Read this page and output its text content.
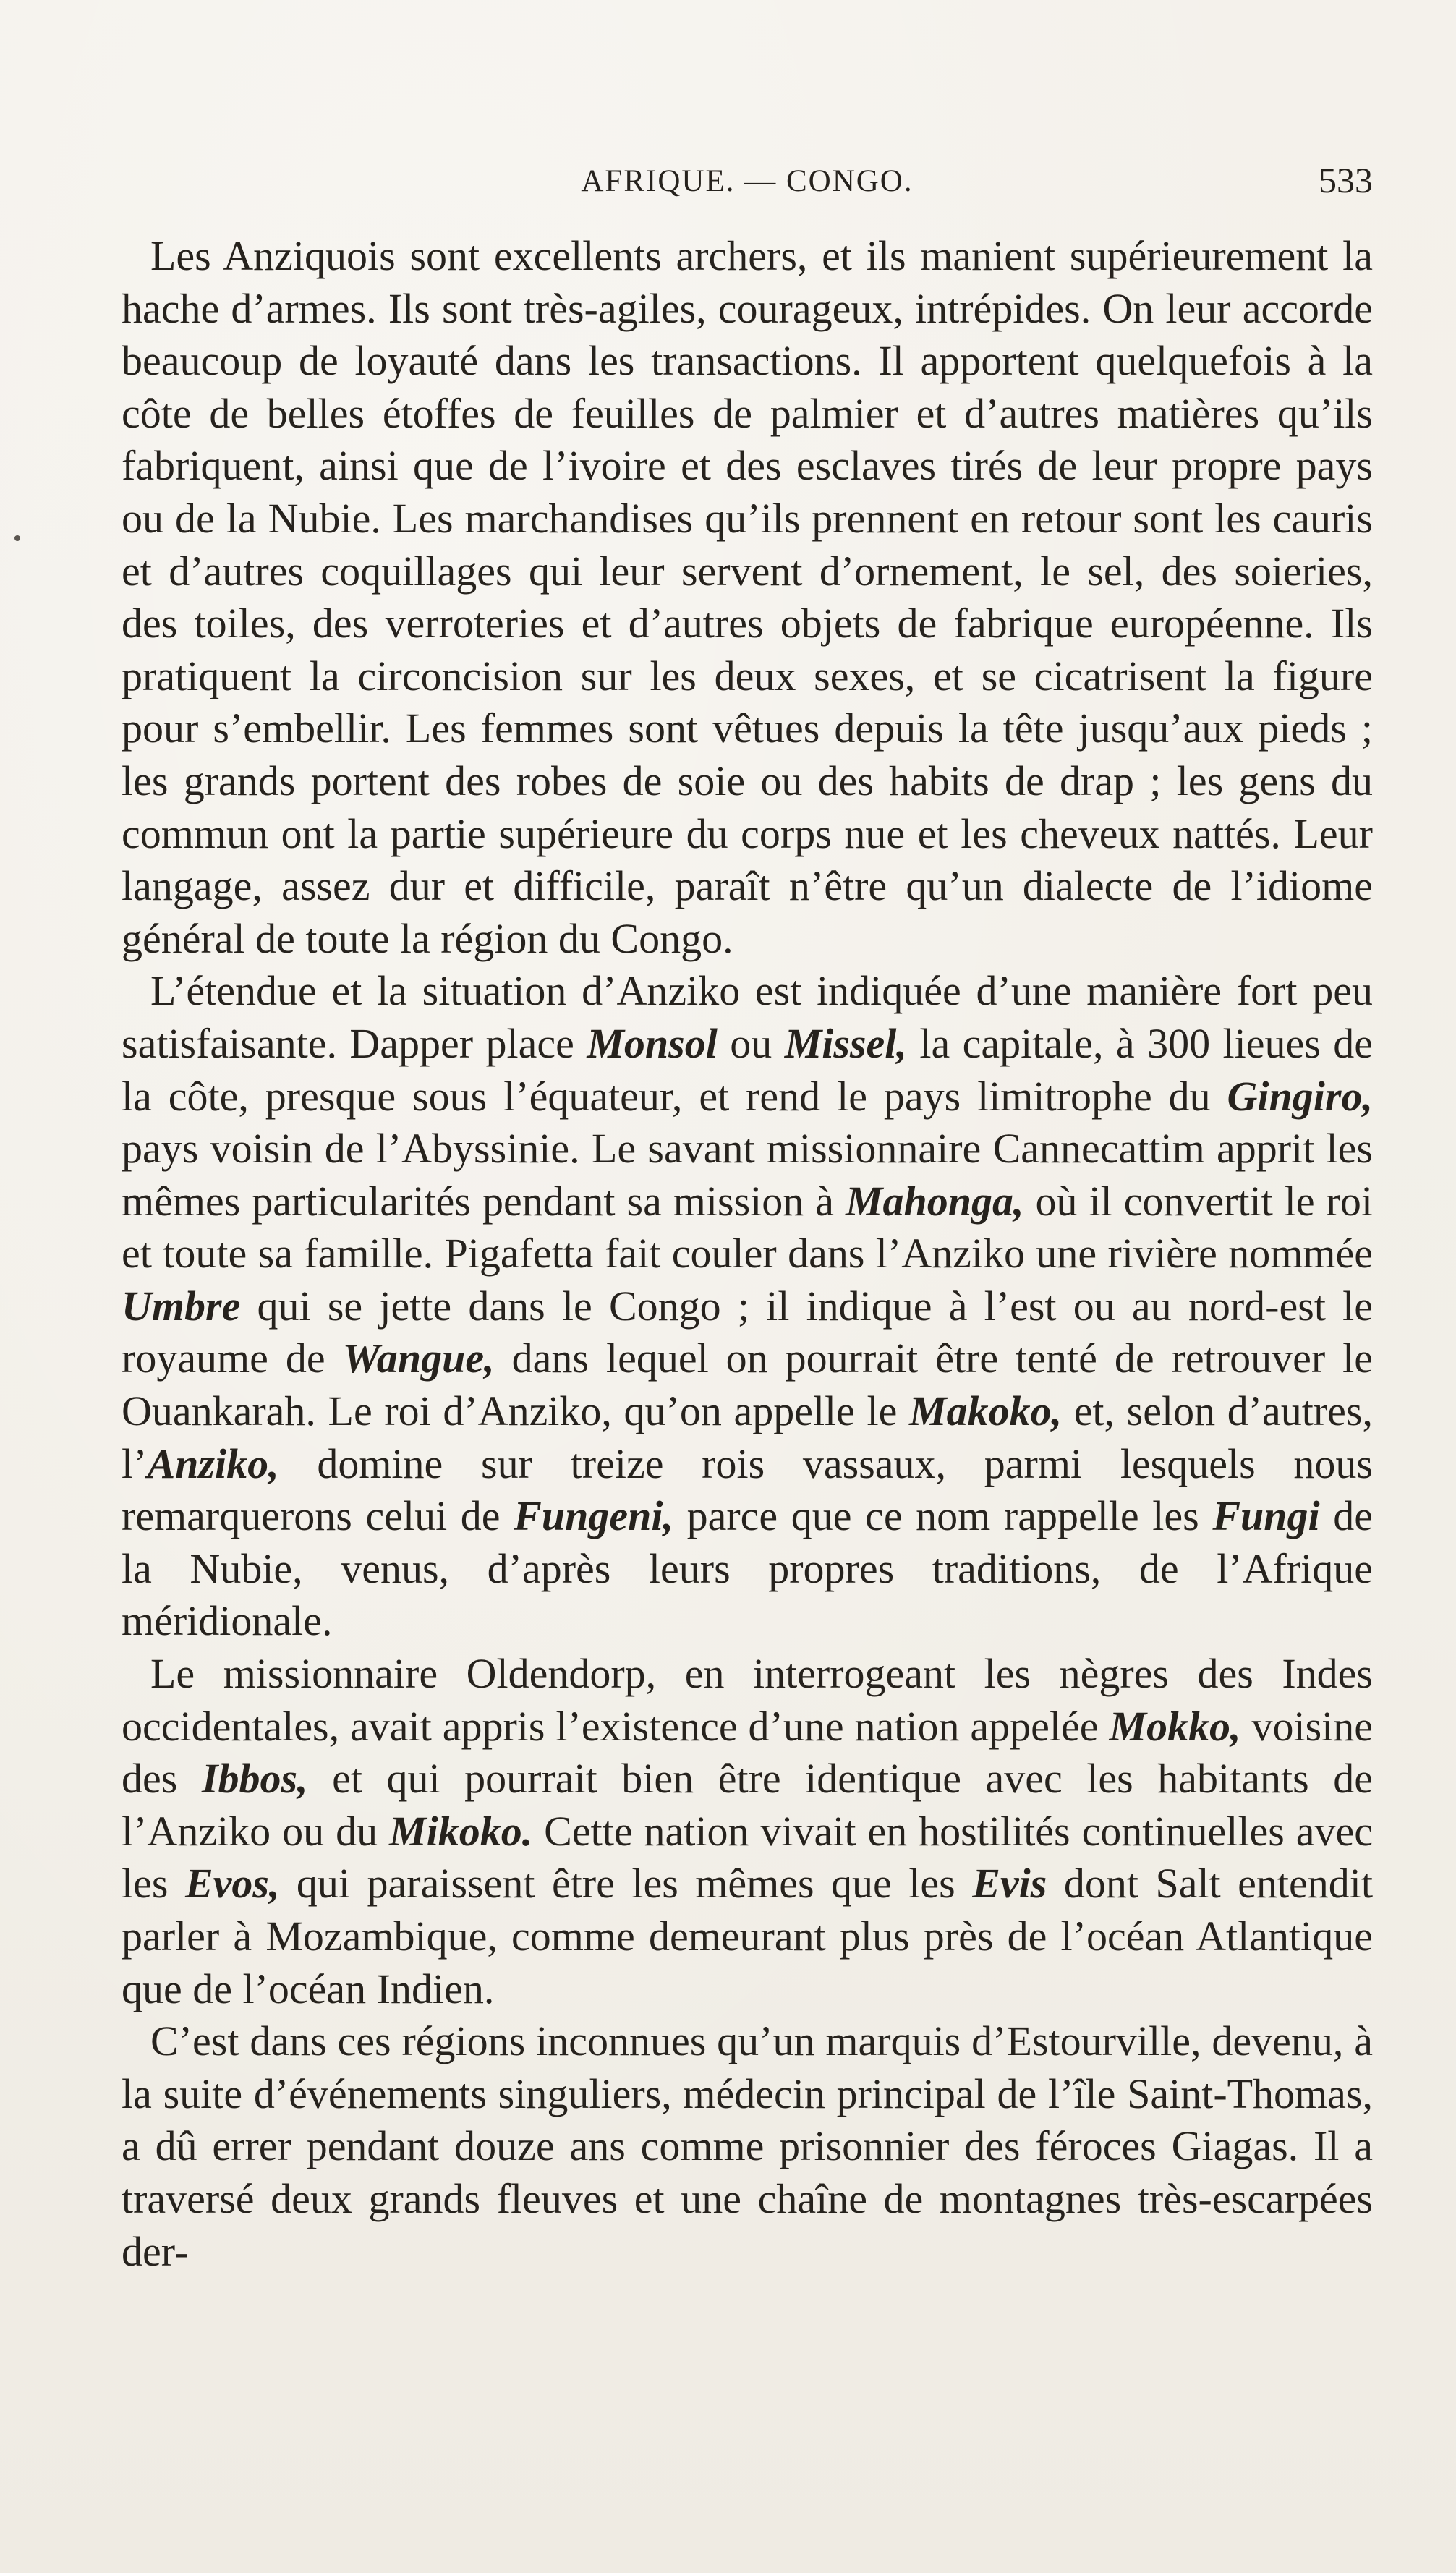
AFRIQUE. — CONGO.	533

Les Anziquois sont excellents archers, et ils manient supérieurement la hache d’armes. Ils sont très-agiles, courageux, intrépides. On leur accorde beaucoup de loyauté dans les transactions. Il apportent quelquefois à la côte de belles étoffes de feuilles de palmier et d’autres matières qu’ils fabriquent, ainsi que de l’ivoire et des esclaves tirés de leur propre pays ou de la Nubie. Les marchandises qu’ils prennent en retour sont les cauris et d’autres coquillages qui leur servent d’ornement, le sel, des soieries, des toiles, des verroteries et d’autres objets de fabrique européenne. Ils pratiquent la circoncision sur les deux sexes, et se cicatrisent la figure pour s’embellir. Les femmes sont vêtues depuis la tête jusqu’aux pieds ; les grands portent des robes de soie ou des habits de drap ; les gens du commun ont la partie supérieure du corps nue et les cheveux nattés. Leur langage, assez dur et difficile, paraît n’être qu’un dialecte de l’idiome général de toute la région du Congo.

L’étendue et la situation d’Anziko est indiquée d’une manière fort peu satisfaisante. Dapper place Monsol ou Missel, la capitale, à 300 lieues de la côte, presque sous l’équateur, et rend le pays limitrophe du Gingiro, pays voisin de l’Abyssinie. Le savant missionnaire Cannecattim apprit les mêmes particularités pendant sa mission à Mahonga, où il convertit le roi et toute sa famille. Pigafetta fait couler dans l’Anziko une rivière nommée Umbre qui se jette dans le Congo ; il indique à l’est ou au nord-est le royaume de Wangue, dans lequel on pourrait être tenté de retrouver le Ouankarah. Le roi d’Anziko, qu’on appelle le Makoko, et, selon d’autres, l’Anziko, domine sur treize rois vassaux, parmi lesquels nous remarquerons celui de Fungeni, parce que ce nom rappelle les Fungi de la Nubie, venus, d’après leurs propres traditions, de l’Afrique méridionale.

Le missionnaire Oldendorp, en interrogeant les nègres des Indes occidentales, avait appris l’existence d’une nation appelée Mokko, voisine des Ibbos, et qui pourrait bien être identique avec les habitants de l’Anziko ou du Mikoko. Cette nation vivait en hostilités continuelles avec les Evos, qui paraissent être les mêmes que les Evis dont Salt entendit parler à Mozambique, comme demeurant plus près de l’océan Atlantique que de l’océan Indien.

C’est dans ces régions inconnues qu’un marquis d’Estourville, devenu, à la suite d’événements singuliers, médecin principal de l’île Saint-Thomas, a dû errer pendant douze ans comme prisonnier des féroces Giagas. Il a traversé deux grands fleuves et une chaîne de montagnes très-escarpées der-
